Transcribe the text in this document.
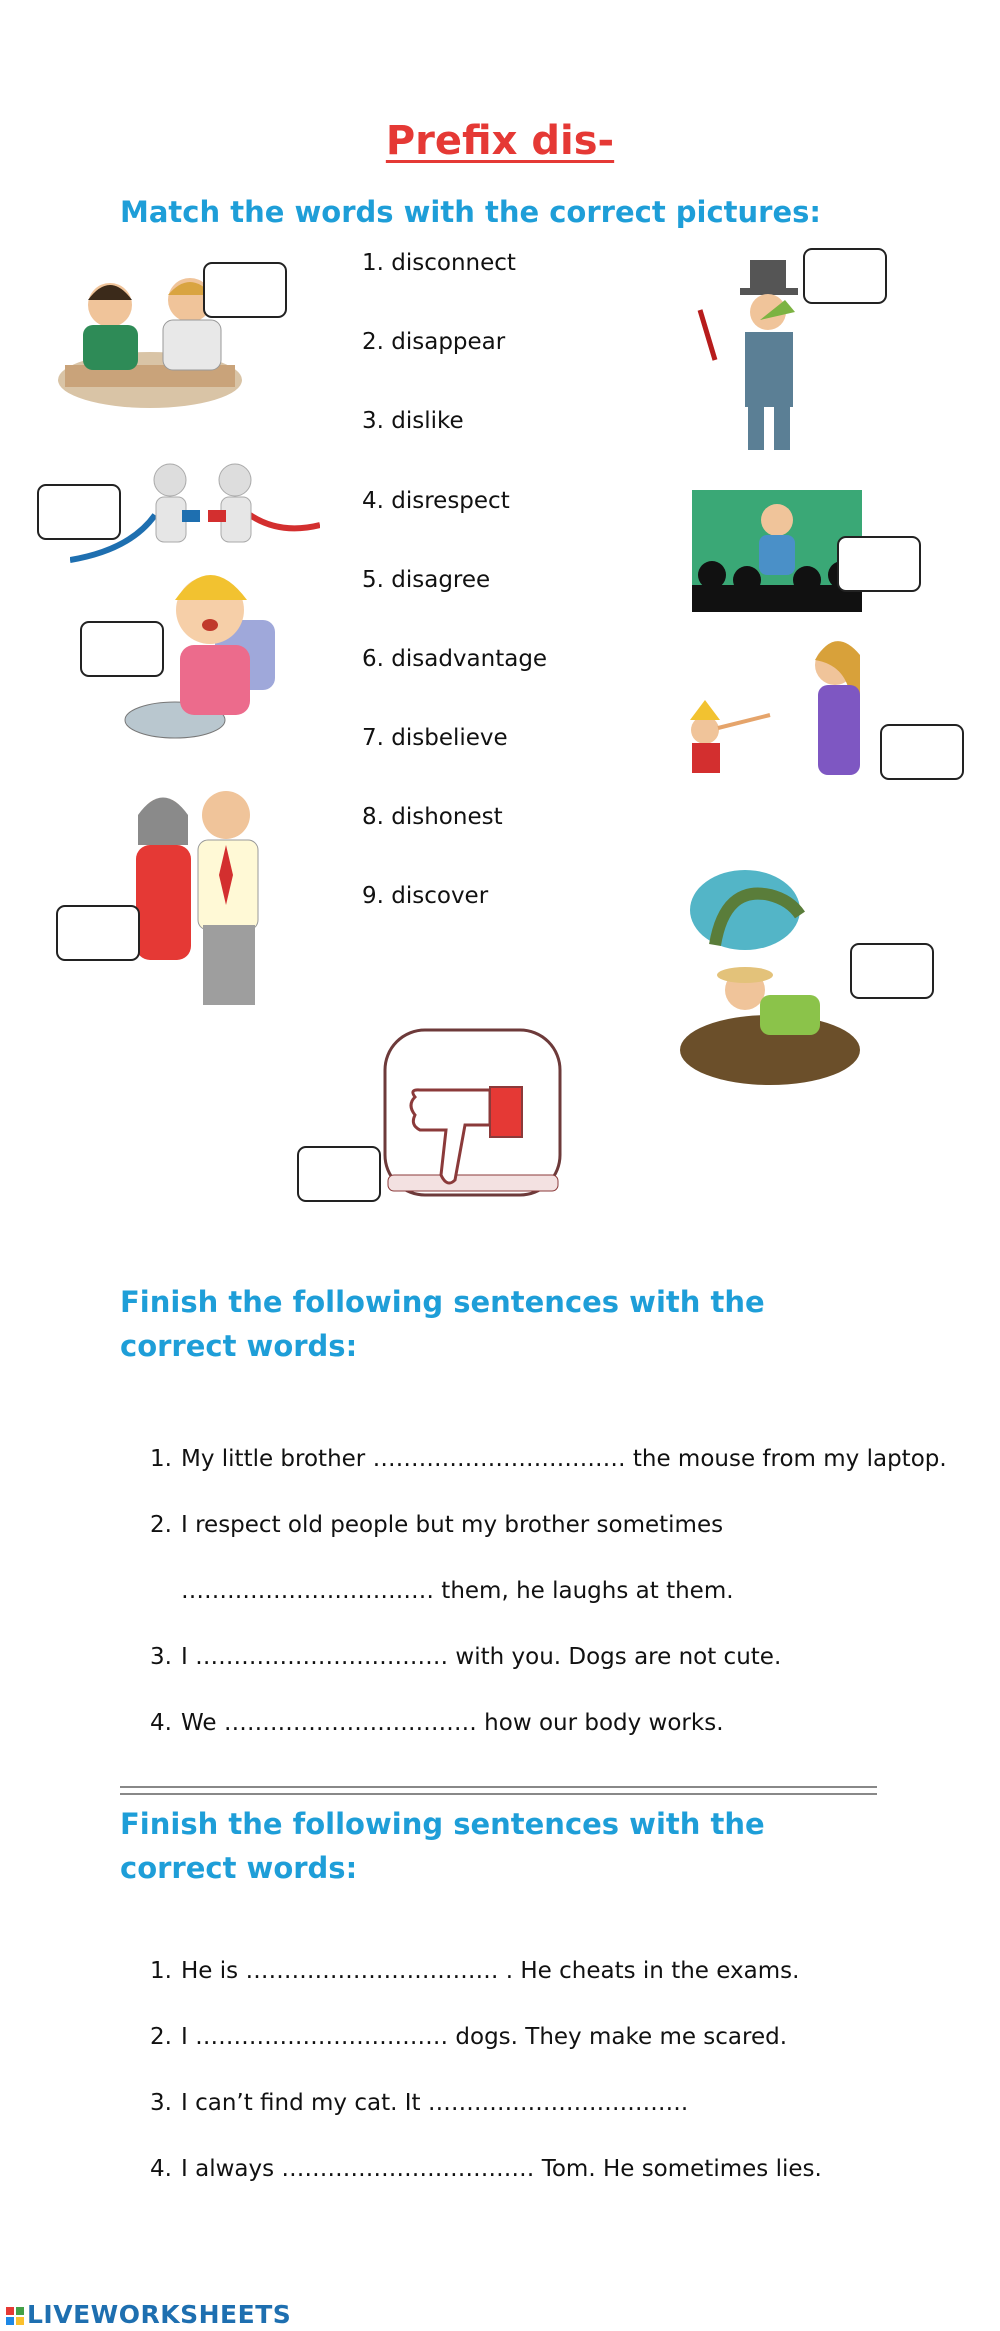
Prefix dis-
Match the words with the correct pictures:
1. disconnect
2. disappear
3. dislike
4. disrespect
5. disagree
6. disadvantage
7. disbelieve
8. dishonest
9. discover
Finish the following sentences with the correct words:
1. My little brother …………………………… the mouse from my laptop.
2. I respect old people but my brother sometimes
…………………………… them, he laughs at them.
3. I …………………………… with you. Dogs are not cute.
4. We …………………………… how our body works.
Finish the following sentences with the correct words:
1. He is …………………………… . He cheats in the exams.
2. I …………………………… dogs. They make me scared.
3. I can’t find my cat. It …………………………….
4. I always …………………………… Tom. He sometimes lies.
LIVEWORKSHEETS
